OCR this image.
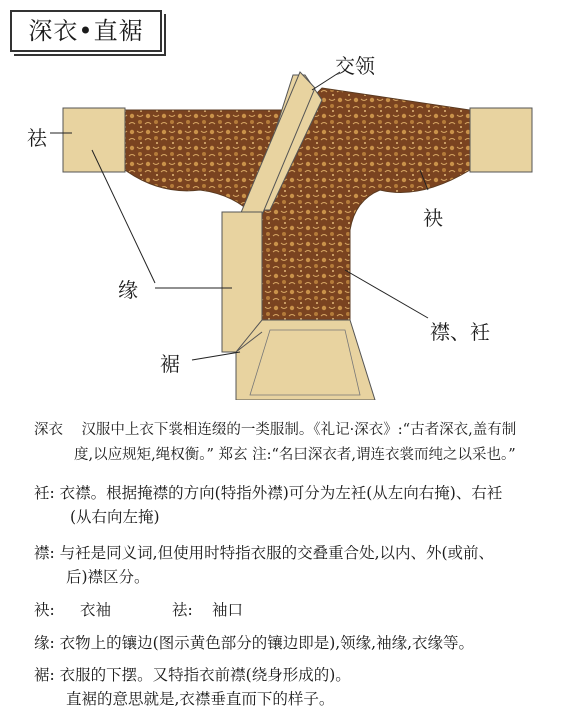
深衣•直裾
交领
祛
袂
缘
襟、衽
裾
深衣 汉服中上衣下裳相连缀的一类服制。《礼记·深衣》:“古者深衣,盖有制
度,以应规矩,绳权衡。” 郑玄 注:“名曰深衣者,谓连衣裳而纯之以采也。”
衽: 衣襟。根据掩襟的方向(特指外襟)可分为左衽(从左向右掩)、右衽
(从右向左掩)
襟: 与衽是同义词,但使用时特指衣服的交叠重合处,以内、外(或前、
后)襟区分。
袂: 衣袖	祛: 袖口
缘: 衣物上的镶边(图示黄色部分的镶边即是),领缘,袖缘,衣缘等。
裾: 衣服的下摆。又特指衣前襟(绕身形成的)。
直裾的意思就是,衣襟垂直而下的样子。
